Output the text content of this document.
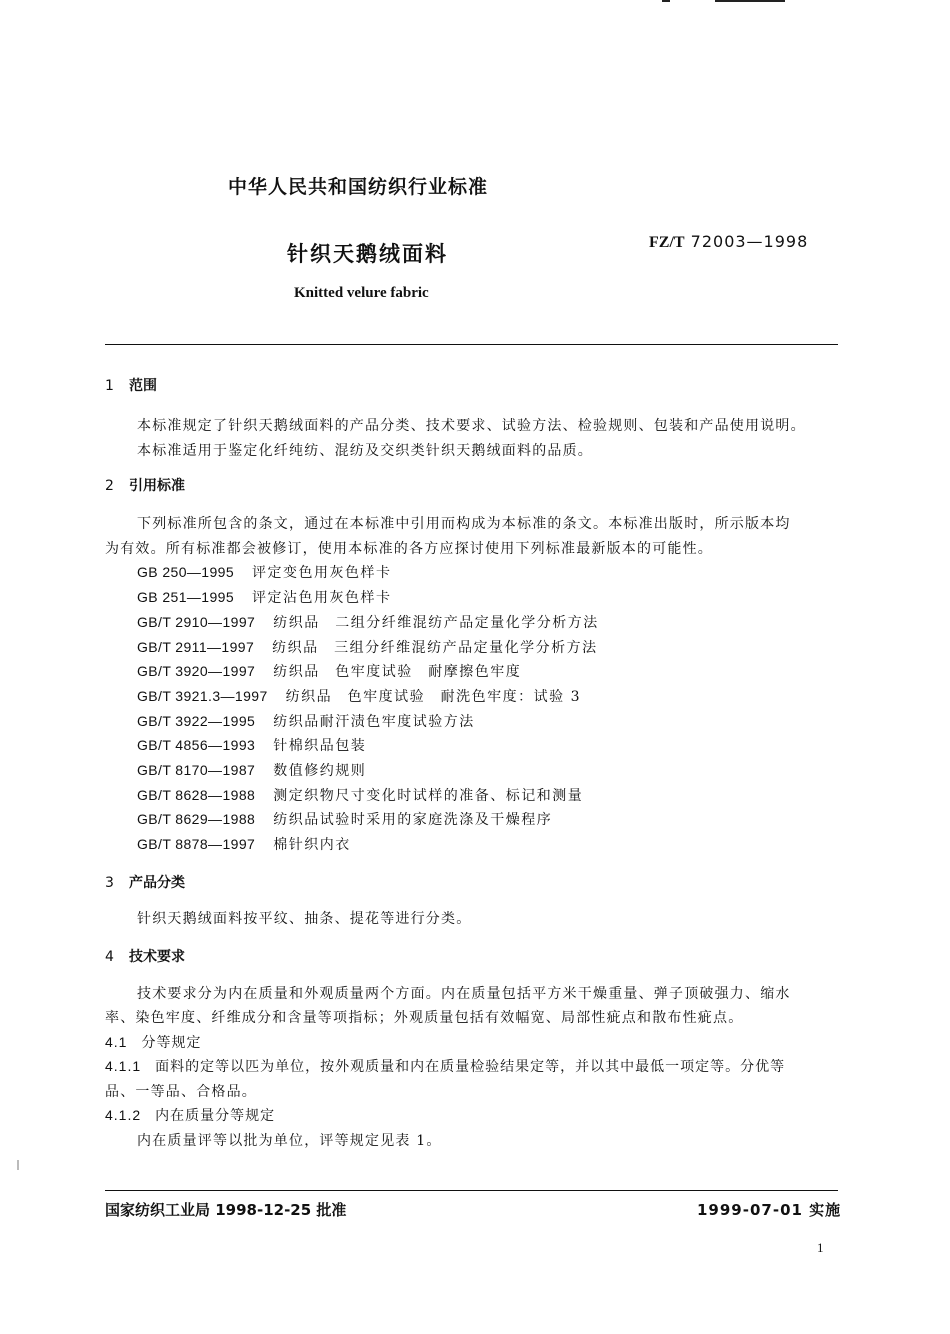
中华人民共和国纺织行业标准
针织天鹅绒面料	FZ/T 72003—1998
Knitted velure fabric
1 范围
本标准规定了针织天鹅绒面料的产品分类、技术要求、试验方法、检验规则、包装和产品使用说明。
本标准适用于鉴定化纤纯纺、混纺及交织类针织天鹅绒面料的品质。
2 引用标准
下列标准所包含的条文，通过在本标准中引用而构成为本标准的条文。本标准出版时，所示版本均
为有效。所有标准都会被修订，使用本标准的各方应探讨使用下列标准最新版本的可能性。
GB 250—1995 评定变色用灰色样卡
GB 251—1995 评定沾色用灰色样卡
GB/T 2910—1997 纺织品　二组分纤维混纺产品定量化学分析方法
GB/T 2911—1997 纺织品　三组分纤维混纺产品定量化学分析方法
GB/T 3920—1997 纺织品　色牢度试验　耐摩擦色牢度
GB/T 3921.3—1997 纺织品　色牢度试验　耐洗色牢度：试验 3
GB/T 3922—1995 纺织品耐汗渍色牢度试验方法
GB/T 4856—1993 针棉织品包装
GB/T 8170—1987 数值修约规则
GB/T 8628—1988 测定织物尺寸变化时试样的准备、标记和测量
GB/T 8629—1988 纺织品试验时采用的家庭洗涤及干燥程序
GB/T 8878—1997 棉针织内衣
3 产品分类
针织天鹅绒面料按平纹、抽条、提花等进行分类。
4 技术要求
技术要求分为内在质量和外观质量两个方面。内在质量包括平方米干燥重量、弹子顶破强力、缩水
率、染色牢度、纤维成分和含量等项指标；外观质量包括有效幅宽、局部性疵点和散布性疵点。
4.1 分等规定
4.1.1 面料的定等以匹为单位，按外观质量和内在质量检验结果定等，并以其中最低一项定等。分优等
品、一等品、合格品。
4.1.2 内在质量分等规定
内在质量评等以批为单位，评等规定见表 1。
国家纺织工业局 1998-12-25 批准	1999-07-01 实施
1
